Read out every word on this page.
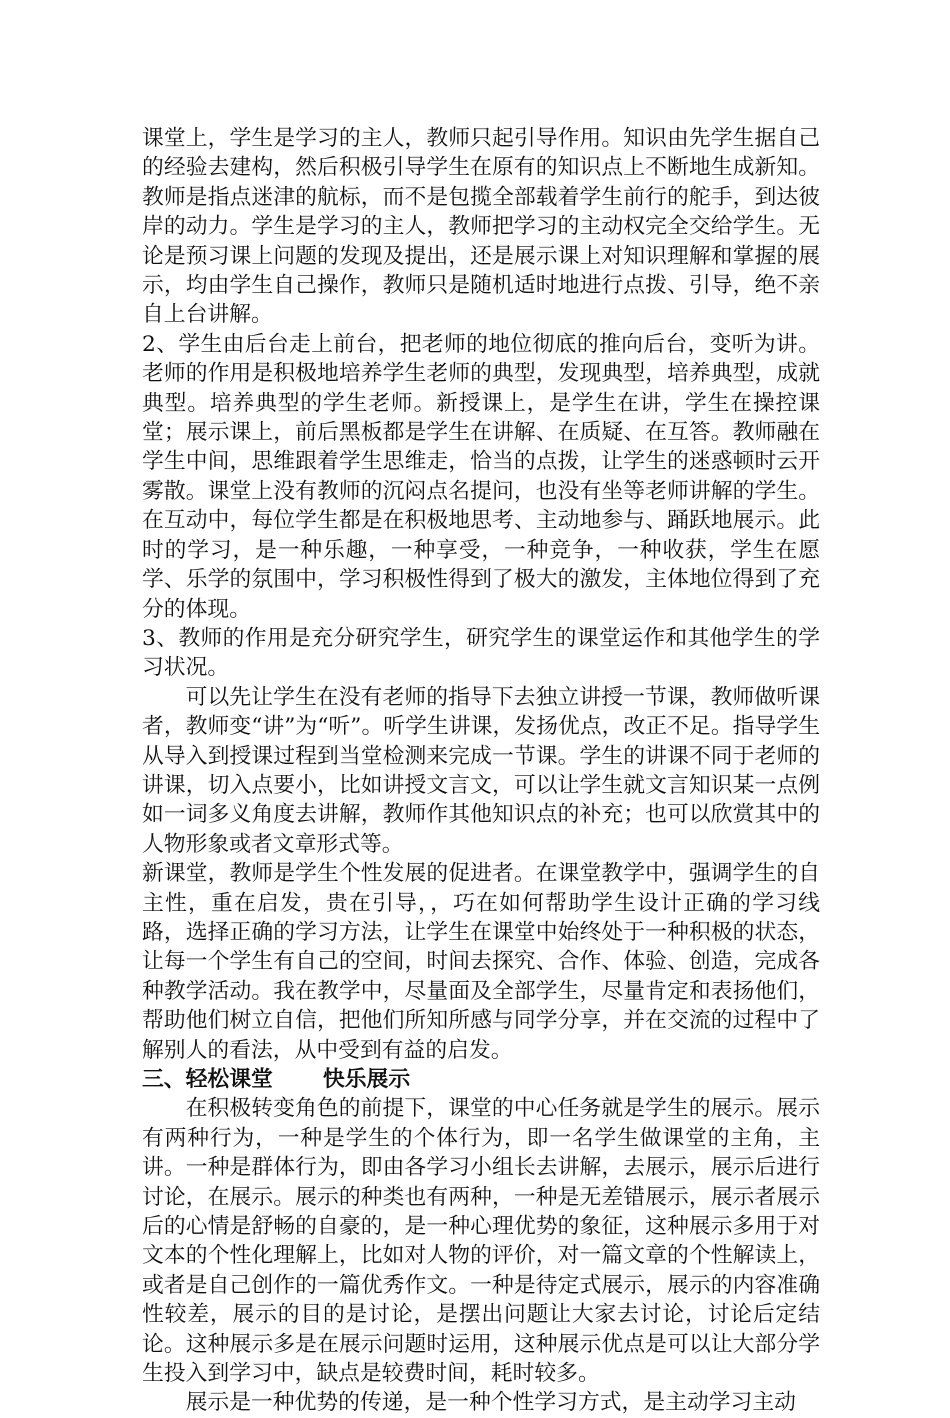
课堂上，学生是学习的主人，教师只起引导作用。知识由先学生据自己的经验去建构，然后积极引导学生在原有的知识点上不断地生成新知。教师是指点迷津的航标，而不是包揽全部载着学生前行的舵手，到达彼岸的动力。学生是学习的主人，教师把学习的主动权完全交给学生。无论是预习课上问题的发现及提出，还是展示课上对知识理解和掌握的展示，均由学生自己操作，教师只是随机适时地进行点拨、引导，绝不亲自上台讲解。

2、学生由后台走上前台，把老师的地位彻底的推向后台，变听为讲。老师的作用是积极地培养学生老师的典型，发现典型，培养典型，成就典型。培养典型的学生老师。新授课上，是学生在讲，学生在操控课堂；展示课上，前后黑板都是学生在讲解、在质疑、在互答。教师融在学生中间，思维跟着学生思维走，恰当的点拨，让学生的迷惑顿时云开雾散。课堂上没有教师的沉闷点名提问，也没有坐等老师讲解的学生。在互动中，每位学生都是在积极地思考、主动地参与、踊跃地展示。此时的学习，是一种乐趣，一种享受，一种竞争，一种收获，学生在愿学、乐学的氛围中，学习积极性得到了极大的激发，主体地位得到了充分的体现。

3、教师的作用是充分研究学生，研究学生的课堂运作和其他学生的学习状况。

可以先让学生在没有老师的指导下去独立讲授一节课，教师做听课者，教师变“讲”为“听”。听学生讲课，发扬优点，改正不足。指导学生从导入到授课过程到当堂检测来完成一节课。学生的讲课不同于老师的讲课，切入点要小，比如讲授文言文，可以让学生就文言知识某一点例如一词多义角度去讲解，教师作其他知识点的补充；也可以欣赏其中的人物形象或者文章形式等。

新课堂，教师是学生个性发展的促进者。在课堂教学中，强调学生的自主性，重在启发，贵在引导，，巧在如何帮助学生设计正确的学习线路，选择正确的学习方法，让学生在课堂中始终处于一种积极的状态，让每一个学生有自己的空间，时间去探究、合作、体验、创造，完成各种教学活动。我在教学中，尽量面及全部学生，尽量肯定和表扬他们，帮助他们树立自信，把他们所知所感与同学分享，并在交流的过程中了解别人的看法，从中受到有益的启发。

三、轻松课堂 快乐展示

在积极转变角色的前提下，课堂的中心任务就是学生的展示。展示有两种行为，一种是学生的个体行为，即一名学生做课堂的主角，主讲。一种是群体行为，即由各学习小组长去讲解，去展示，展示后进行讨论，在展示。展示的种类也有两种，一种是无差错展示，展示者展示后的心情是舒畅的自豪的，是一种心理优势的象征，这种展示多用于对文本的个性化理解上，比如对人物的评价，对一篇文章的个性解读上，或者是自己创作的一篇优秀作文。一种是待定式展示，展示的内容准确性较差，展示的目的是讨论，是摆出问题让大家去讨论，讨论后定结论。这种展示多是在展示问题时运用，这种展示优点是可以让大部分学生投入到学习中，缺点是较费时间，耗时较多。

展示是一种优势的传递，是一种个性学习方式，是主动学习主动
